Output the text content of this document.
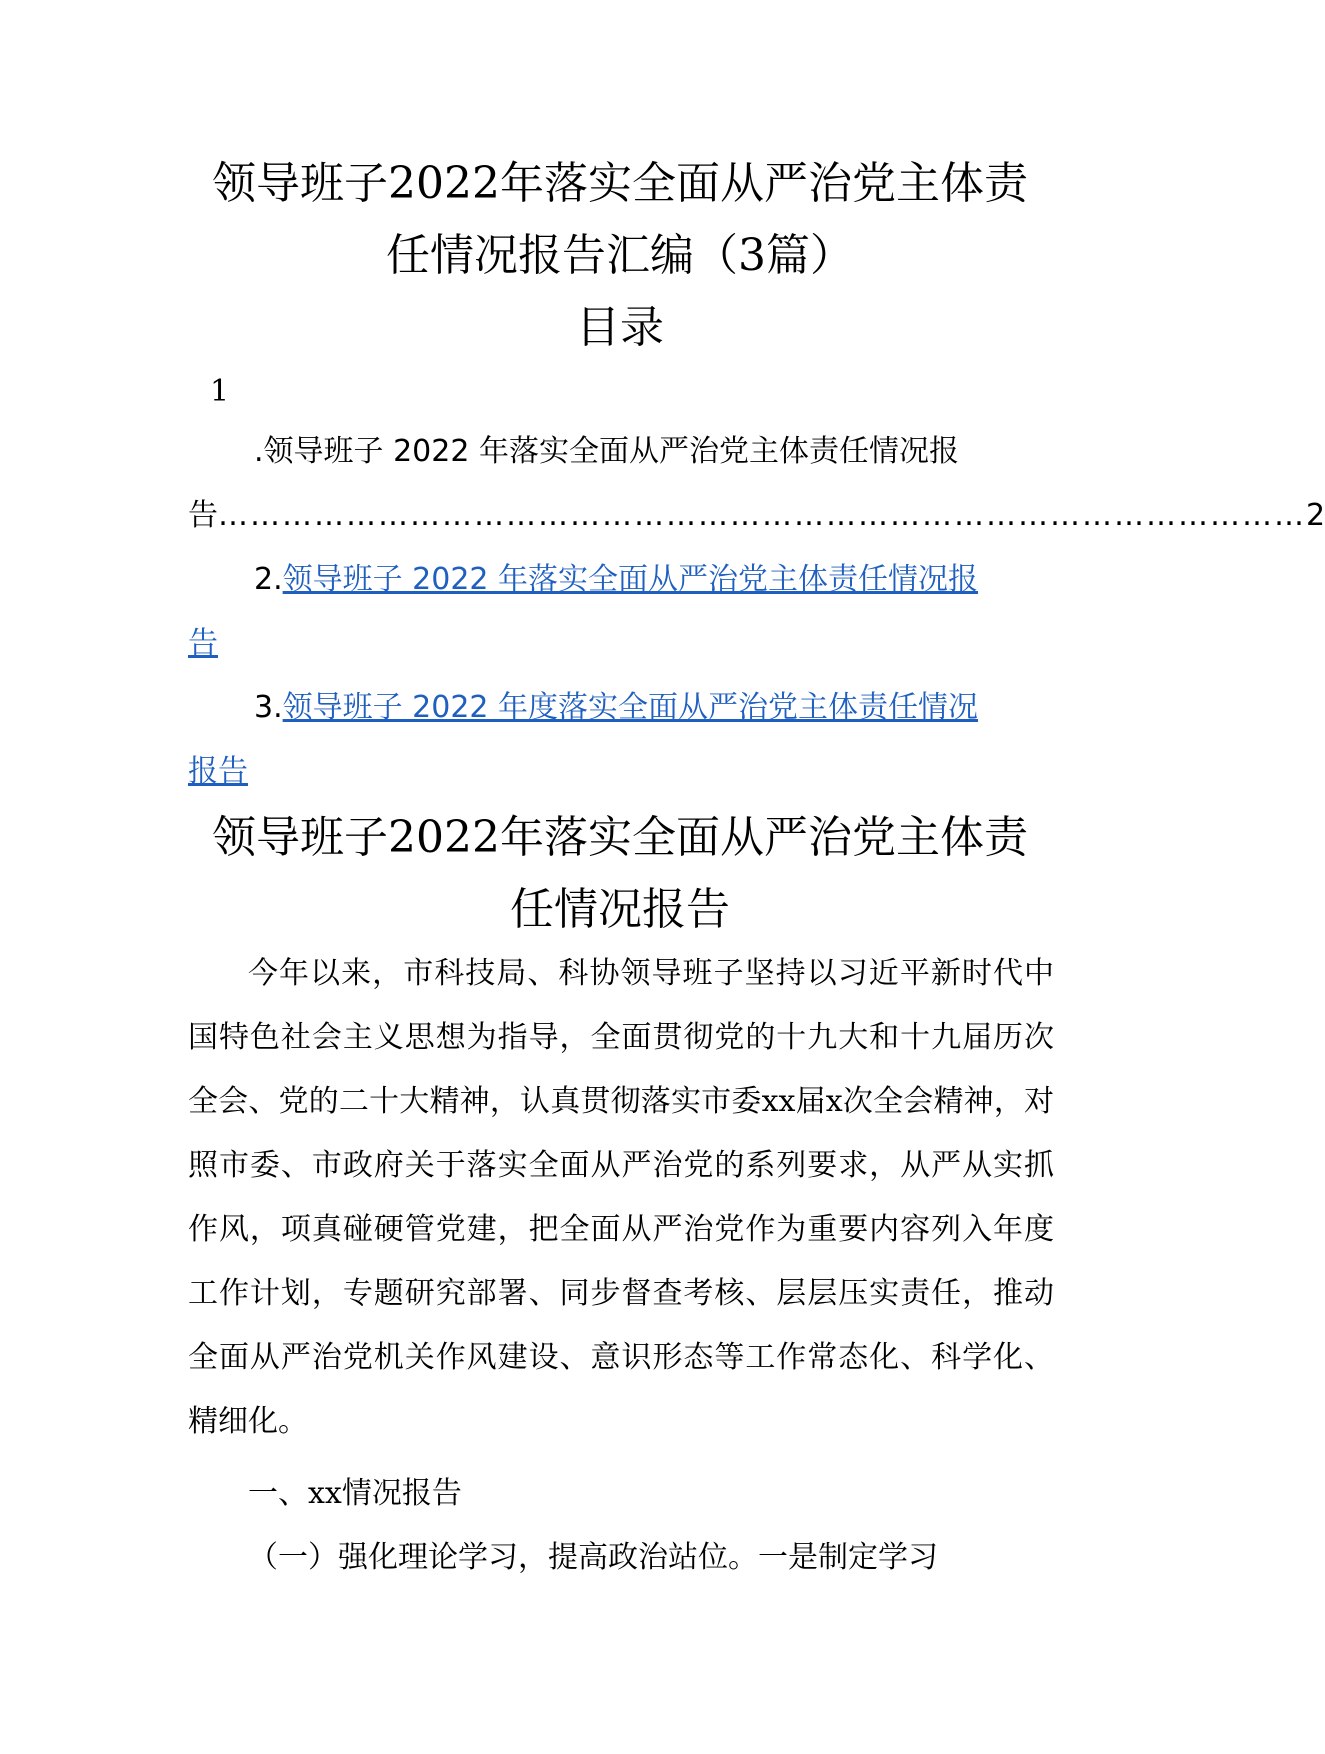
领导班子2022年落实全面从严治党主体责
任情况报告汇编（3篇）
目录
1
.领导班子 2022 年落实全面从严治党主体责任情况报
告 ………………………………………………………………………………………… 2
2.领导班子 2022 年落实全面从严治党主体责任情况报
告
3.领导班子 2022 年度落实全面从严治党主体责任情况
报告
领导班子2022年落实全面从严治党主体责
任情况报告

今年以来，市科技局、科协领导班子坚持以习近平新时代中国特色社会主义思想为指导，全面贯彻党的十九大和十九届历次全会、党的二十大精神，认真贯彻落实市委xx届x次全会精神，对照市委、市政府关于落实全面从严治党的系列要求，从严从实抓作风，项真碰硬管党建，把全面从严治党作为重要内容列入年度工作计划，专题研究部署、同步督查考核、层层压实责任，推动全面从严治党机关作风建设、意识形态等工作常态化、科学化、精细化。

一、xx情况报告

（一）强化理论学习，提高政治站位。一是制定学习
